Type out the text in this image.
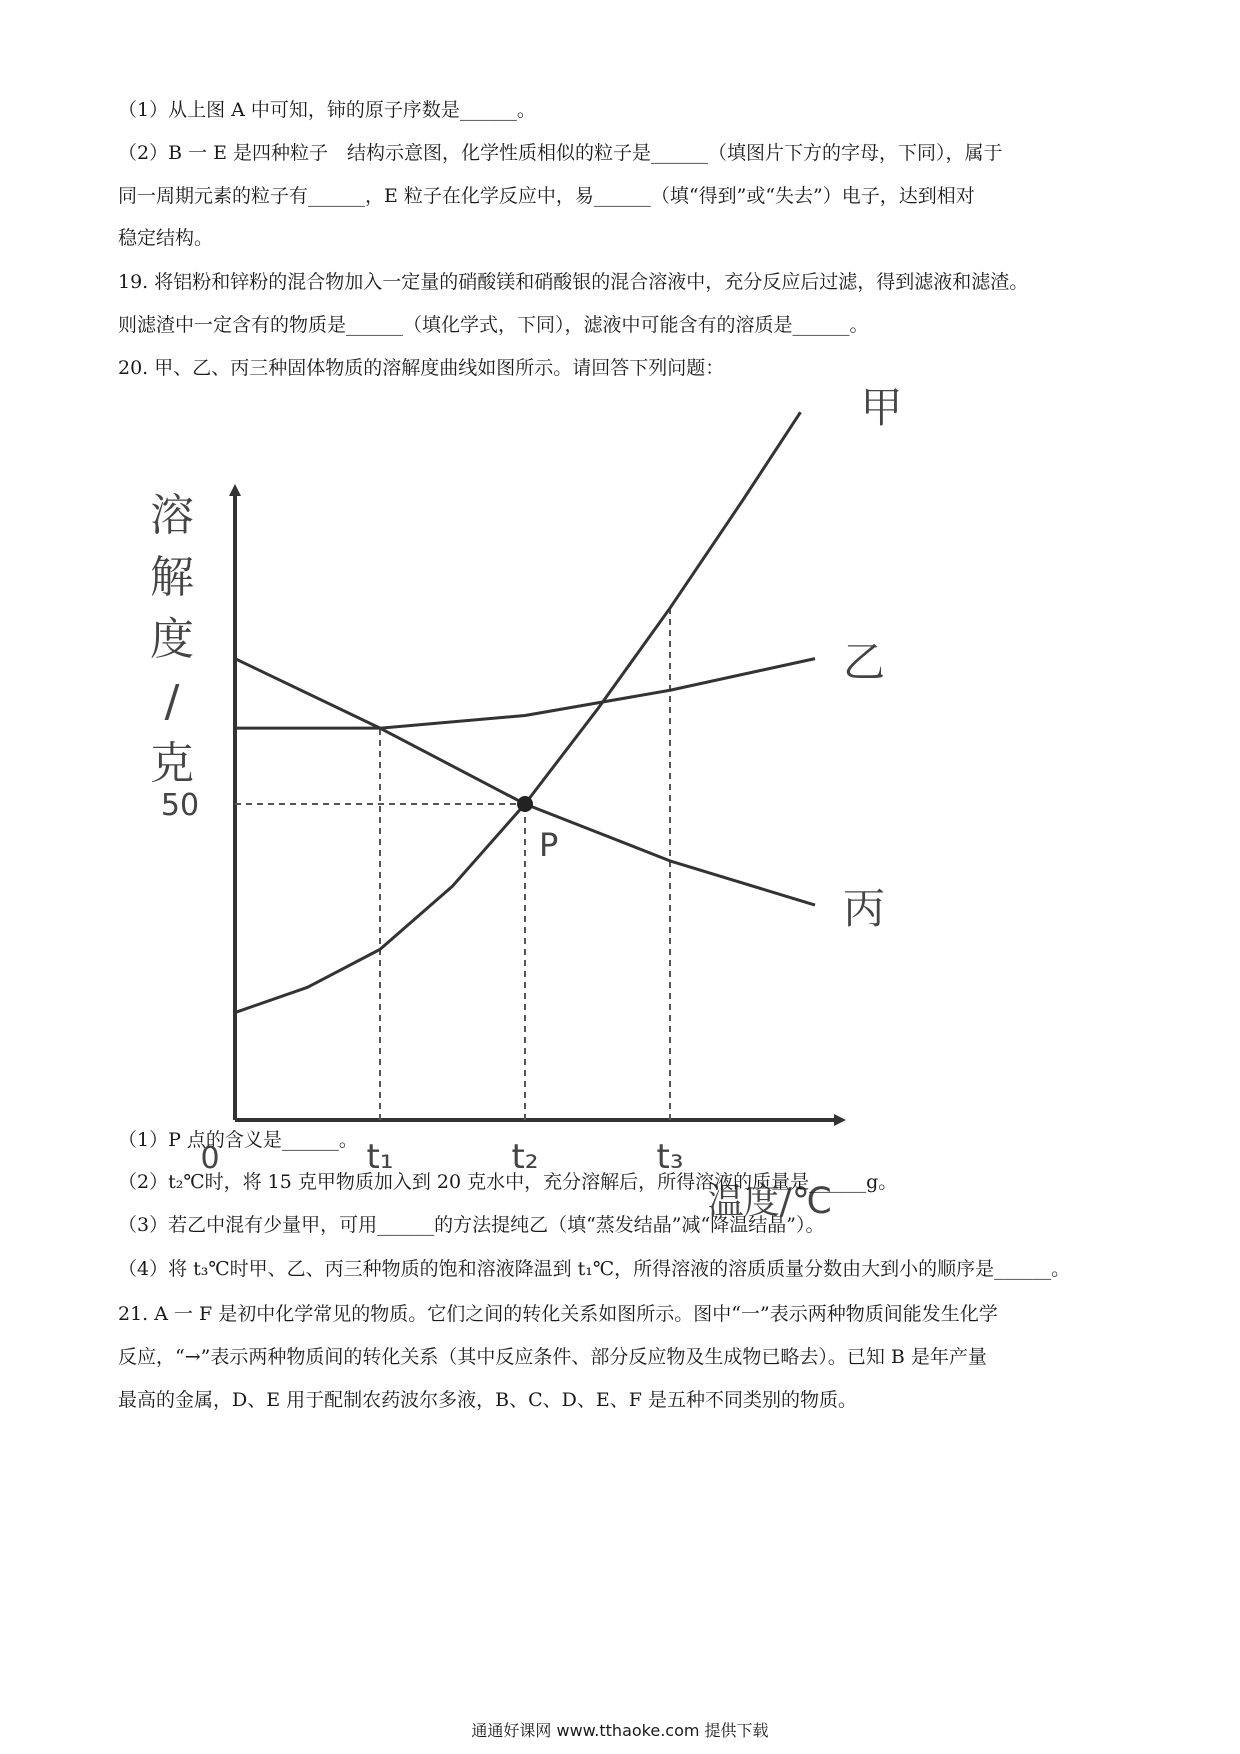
（1）从上图 A 中可知，铈的原子序数是______。
（2）B 一 E 是四种粒子　结构示意图，化学性质相似的粒子是______（填图片下方的字母，下同），属于
同一周期元素的粒子有______，E 粒子在化学反应中，易______（填“得到”或“失去”）电子，达到相对
稳定结构。
19. 将铝粉和锌粉的混合物加入一定量的硝酸镁和硝酸银的混合溶液中，充分反应后过滤，得到滤液和滤渣。
则滤渣中一定含有的物质是______（填化学式，下同），滤液中可能含有的溶质是______。
20. 甲、乙、丙三种固体物质的溶解度曲线如图所示。请回答下列问题：
溶
解
度
/
克
温度/℃
0
甲
乙
丙
P
50
t₁	t₂	t₃
（1）P 点的含义是______。
（2）t₂℃时，将 15 克甲物质加入到 20 克水中，充分溶解后，所得溶液的质量是______g。
（3）若乙中混有少量甲，可用______的方法提纯乙（填“蒸发结晶”减“降温结晶”）。
（4）将 t₃℃时甲、乙、丙三种物质的饱和溶液降温到 t₁℃，所得溶液的溶质质量分数由大到小的顺序是______。
21. A 一 F 是初中化学常见的物质。它们之间的转化关系如图所示。图中“一”表示两种物质间能发生化学
反应，“→”表示两种物质间的转化关系（其中反应条件、部分反应物及生成物已略去）。已知 B 是年产量
最高的金属，D、E 用于配制农药波尔多液，B、C、D、E、F 是五种不同类别的物质。
通通好课网 www.tthaoke.com 提供下载
